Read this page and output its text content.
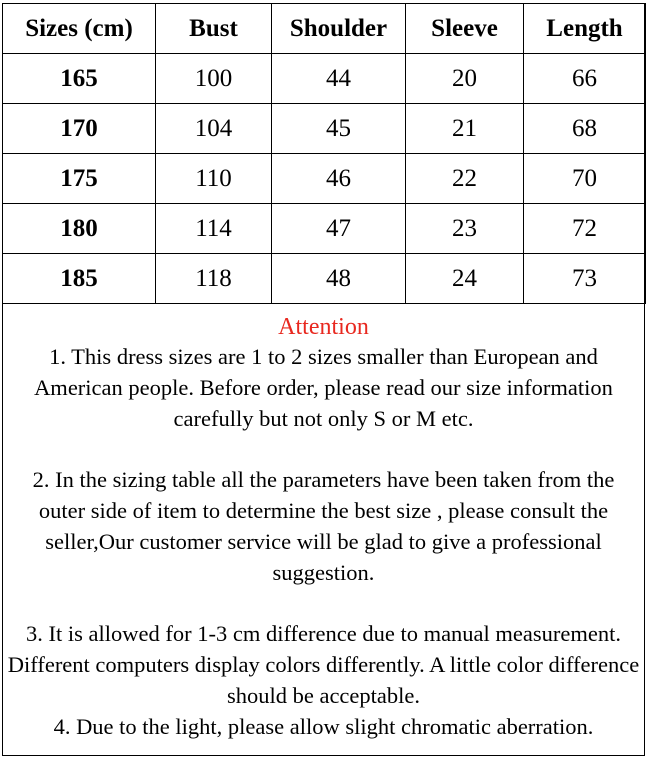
Sizes (cm)	Bust	Shoulder	Sleeve	Length
165	100	44	20	66
170	104	45	21	68
175	110	46	22	70
180	114	47	23	72
185	118	48	24	73
Attention

1. This dress sizes are 1 to 2 sizes smaller than European and American people. Before order, please read our size information carefully but not only S or M etc.

2. In the sizing table all the parameters have been taken from the outer side of item to determine the best size , please consult the seller,Our customer service will be glad to give a professional suggestion.

3. It is allowed for 1-3 cm difference due to manual measurement. Different computers display colors differently. A little color difference should be acceptable.

4. Due to the light, please allow slight chromatic aberration.
